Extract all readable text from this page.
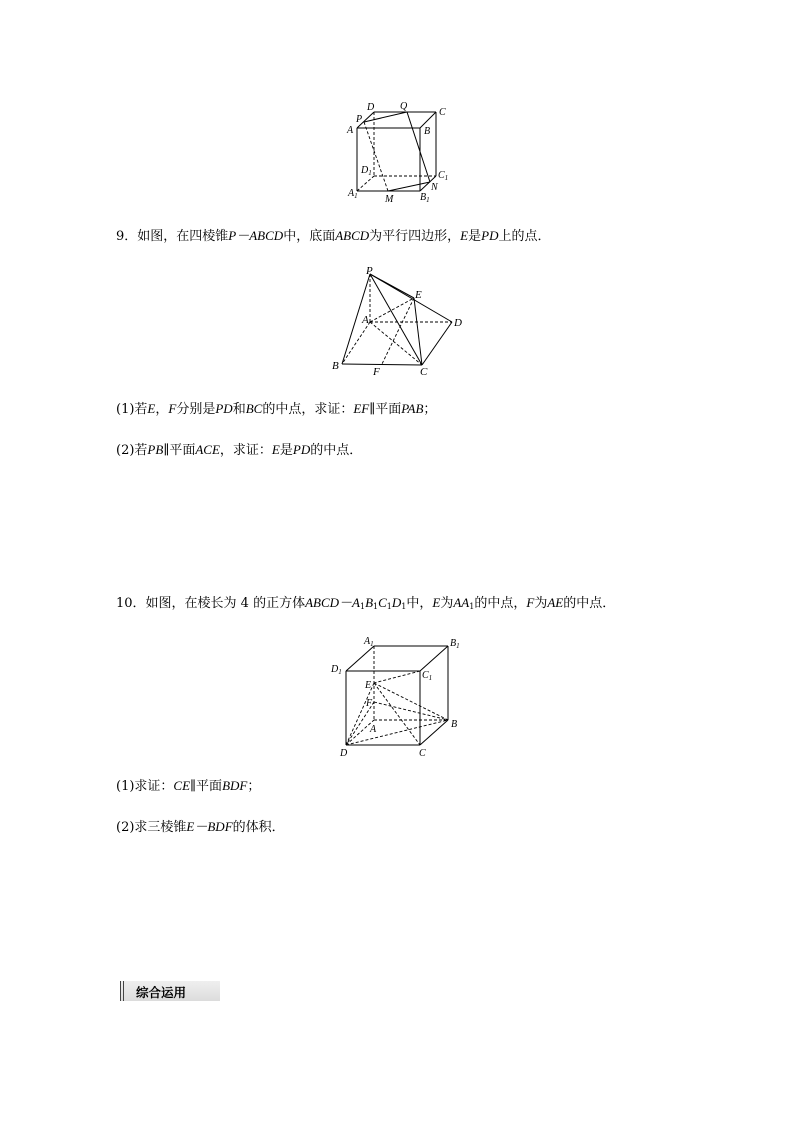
D	Q
C
P
A	B
$D_1$	$C_1$
N
$A_1$	M	$B_1$
9．如图，在四棱锥P－ABCD中，底面ABCD为平行四边形，E是PD上的点．
P
E
A	D
B	F	C
(1)若E，F分别是PD和BC的中点，求证：EF∥平面PAB；
(2)若PB∥平面ACE，求证：E是PD的中点．
10．如图，在棱长为 4 的正方体$ABCD-A_1B_1C_1D_1$中，E为$AA_1$的中点，F为AE的中点．
$A_1$	$B_1$
$D_1$	$C_1$
E
F
A	B
D	C
(1)求证：CE∥平面BDF；
(2)求三棱锥E－BDF的体积．
综合运用
